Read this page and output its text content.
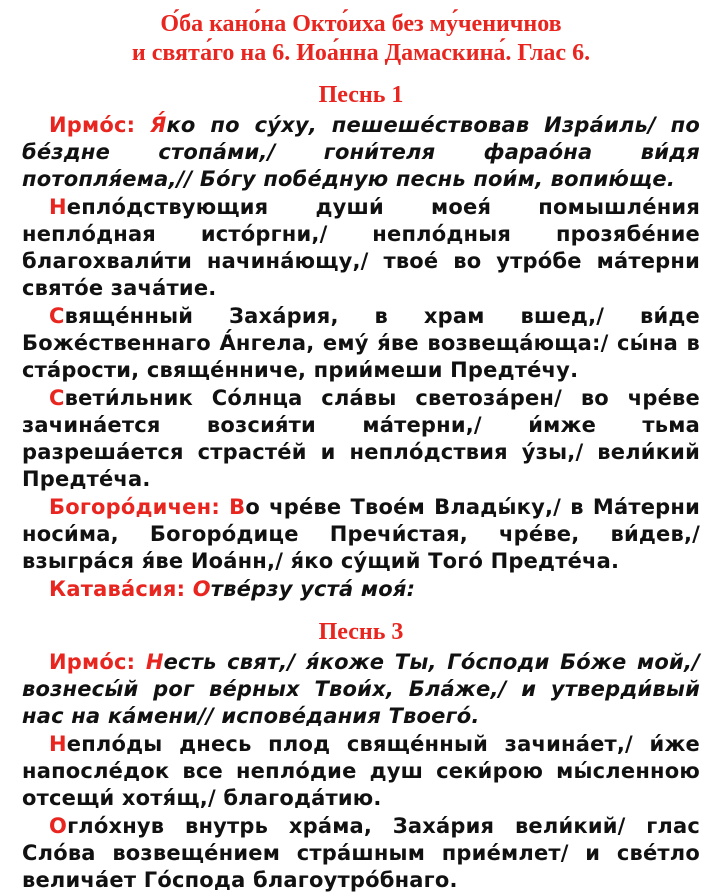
О́ба кано́на Окто́иха без му́ченичнов
и свята́го на 6. Иоа́нна Дамаскина́. Глас 6.
Песнь 1

Ирмо́с: Я́ко по су́ху, пешеше́ствовав Изра́иль/ по бе́здне стопа́ми,/ гони́теля фарао́на ви́дя потопля́ема,// Бо́гу побе́дную песнь пои́м, вопию́ще.

Неплóдствующия души́ моея́ помышле́ния неплóдная истóргни,/ неплóдныя прозябе́ние благохвали́ти начина́ющу,/ твое́ во утрóбе ма́терни святóе зача́тие.

Свяще́нный Заха́рия, в храм вшед,/ ви́де Боже́ственнаго А́нгела, ему́ я́ве возвеща́юща:/ сы́на в ста́рости, свяще́нниче, прии́меши Предте́чу.

Свети́льник Сóлнца сла́вы светоза́рен/ во чре́ве зачина́ется возсия́ти ма́терни,/ и́мже тьма разреша́ется страсте́й и неплóдствия у́зы,/ вели́кий Предте́ча.

Богорóдичен: Во чре́ве Твое́м Влады́ку,/ в Ма́терни носи́ма, Богорóдице Пречи́стая, чре́ве, ви́дев,/ взыгра́ся я́ве Иоа́нн,/ я́ко су́щий Тогó Предте́ча.

Катава́сия: Отве́рзу уста́ моя́:

Песнь 3

Ирмо́с: Несть свят,/ я́коже Ты, Го́споди Бо́же мой,/ вознесы́й рог ве́рных Твои́х, Бла́же,/ и утверди́вый нас на ка́мени// исповéдания Твоегó.

Неплóды днесь плод свяще́нный зачина́ет,/ и́же напосле́док все неплóдие душ секи́рою мы́сленною отсещи́ хотя́щ,/ благода́тию.

Оглóхнув внутрь хра́ма, Заха́рия вели́кий/ глас Слóва возвеще́нием стра́шным прие́млет/ и све́тло велича́ет Гóспода благоутрóбнаго.
